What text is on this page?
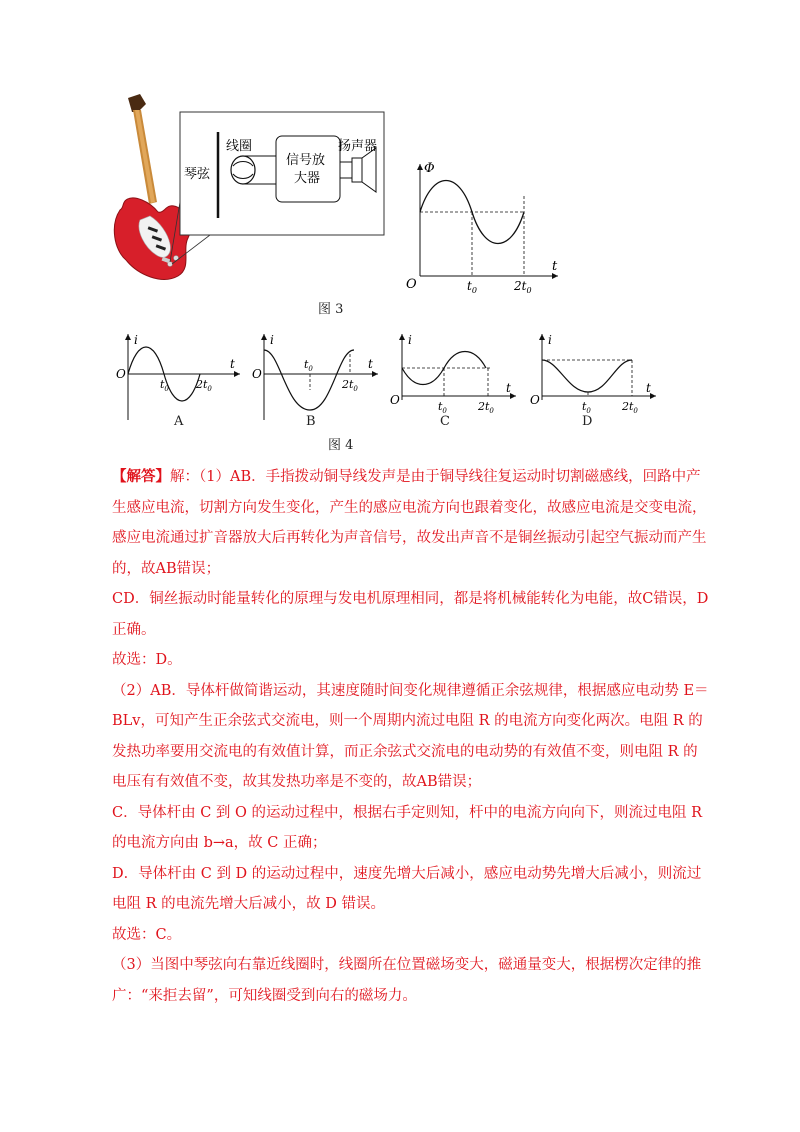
琴弦
线圈
信号放
大器
扬声器
Φ
t
O	$t_0$	$2t_0$
图 3
i
t
O
$t_0$ $2t_0$
A
i
t
O
$t_0$
$2t_0$
B
i
t
O	$t_0$	$2t_0$
C
i
t
O	$t_0$	$2t_0$
D
图 4

【解答】解：（1）AB．手指拨动铜导线发声是由于铜导线往复运动时切割磁感线，回路中产生感应电流，切割方向发生变化，产生的感应电流方向也跟着变化，故感应电流是交变电流，感应电流通过扩音器放大后再转化为声音信号，故发出声音不是铜丝振动引起空气振动而产生的，故AB错误；

CD．铜丝振动时能量转化的原理与发电机原理相同，都是将机械能转化为电能，故C错误，D正确。

故选：D。

（2）AB．导体杆做简谐运动，其速度随时间变化规律遵循正余弦规律，根据感应电动势 E＝BLv，可知产生正余弦式交流电，则一个周期内流过电阻 R 的电流方向变化两次。电阻 R 的发热功率要用交流电的有效值计算，而正余弦式交流电的电动势的有效值不变，则电阻 R 的电压有有效值不变，故其发热功率是不变的，故AB错误；

C．导体杆由 C 到 O 的运动过程中，根据右手定则知，杆中的电流方向向下，则流过电阻 R 的电流方向由 b→a，故 C 正确；

D．导体杆由 C 到 D 的运动过程中，速度先增大后减小，感应电动势先增大后减小，则流过电阻 R 的电流先增大后减小，故 D 错误。

故选：C。

（3）当图中琴弦向右靠近线圈时，线圈所在位置磁场变大，磁通量变大，根据楞次定律的推广：“来拒去留”，可知线圈受到向右的磁场力。
